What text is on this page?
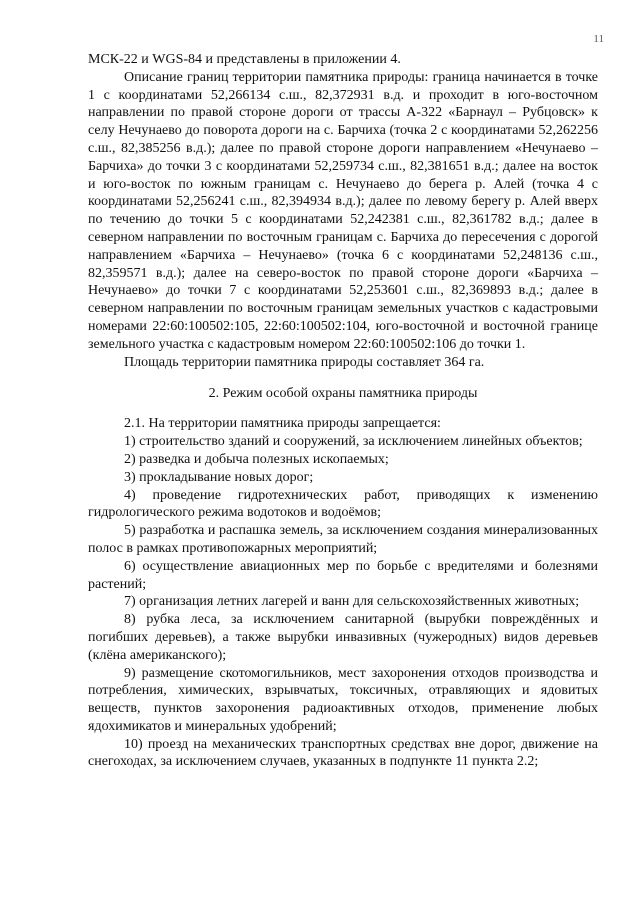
11

МСК-22 и WGS-84 и представлены в приложении 4.

Описание границ территории памятника природы: граница начинается в точке 1 с координатами 52,266134 с.ш., 82,372931 в.д. и проходит в юго-восточном направлении по правой стороне дороги от трассы А-322 «Барнаул – Рубцовск» к селу Нечунаево до поворота дороги на с. Барчиха (точка 2 с координатами 52,262256 с.ш., 82,385256 в.д.); далее по правой стороне дороги направлением «Нечунаево – Барчиха» до точки 3 с координатами 52,259734 с.ш., 82,381651 в.д.; далее на восток и юго-восток по южным границам с. Нечунаево до берега р. Алей (точка 4 с координатами 52,256241 с.ш., 82,394934 в.д.); далее по левому берегу р. Алей вверх по течению до точки 5 с координатами 52,242381 с.ш., 82,361782 в.д.; далее в северном направлении по восточным границам с. Барчиха до пересечения с дорогой направлением «Барчиха – Нечунаево» (точка 6 с координатами 52,248136 с.ш., 82,359571 в.д.); далее на северо-восток по правой стороне дороги «Барчиха – Нечунаево» до точки 7 с координатами 52,253601 с.ш., 82,369893 в.д.; далее в северном направлении по восточным границам земельных участков с кадастровыми номерами 22:60:100502:105, 22:60:100502:104, юго-восточной и восточной границе земельного участка с кадастровым номером 22:60:100502:106 до точки 1.

Площадь территории памятника природы составляет 364 га.

2. Режим особой охраны памятника природы

2.1. На территории памятника природы запрещается:

1) строительство зданий и сооружений, за исключением линейных объектов;
2) разведка и добыча полезных ископаемых;
3) прокладывание новых дорог;
4) проведение гидротехнических работ, приводящих к изменению гидрологического режима водотоков и водоёмов;
5) разработка и распашка земель, за исключением создания минерализованных полос в рамках противопожарных мероприятий;
6) осуществление авиационных мер по борьбе с вредителями и болезнями растений;
7) организация летних лагерей и ванн для сельскохозяйственных животных;
8) рубка леса, за исключением санитарной (вырубки повреждённых и погибших деревьев), а также вырубки инвазивных (чужеродных) видов деревьев (клёна американского);
9) размещение скотомогильников, мест захоронения отходов производства и потребления, химических, взрывчатых, токсичных, отравляющих и ядовитых веществ, пунктов захоронения радиоактивных отходов, применение любых ядохимикатов и минеральных удобрений;
10) проезд на механических транспортных средствах вне дорог, движение на снегоходах, за исключением случаев, указанных в подпункте 11 пункта 2.2;
